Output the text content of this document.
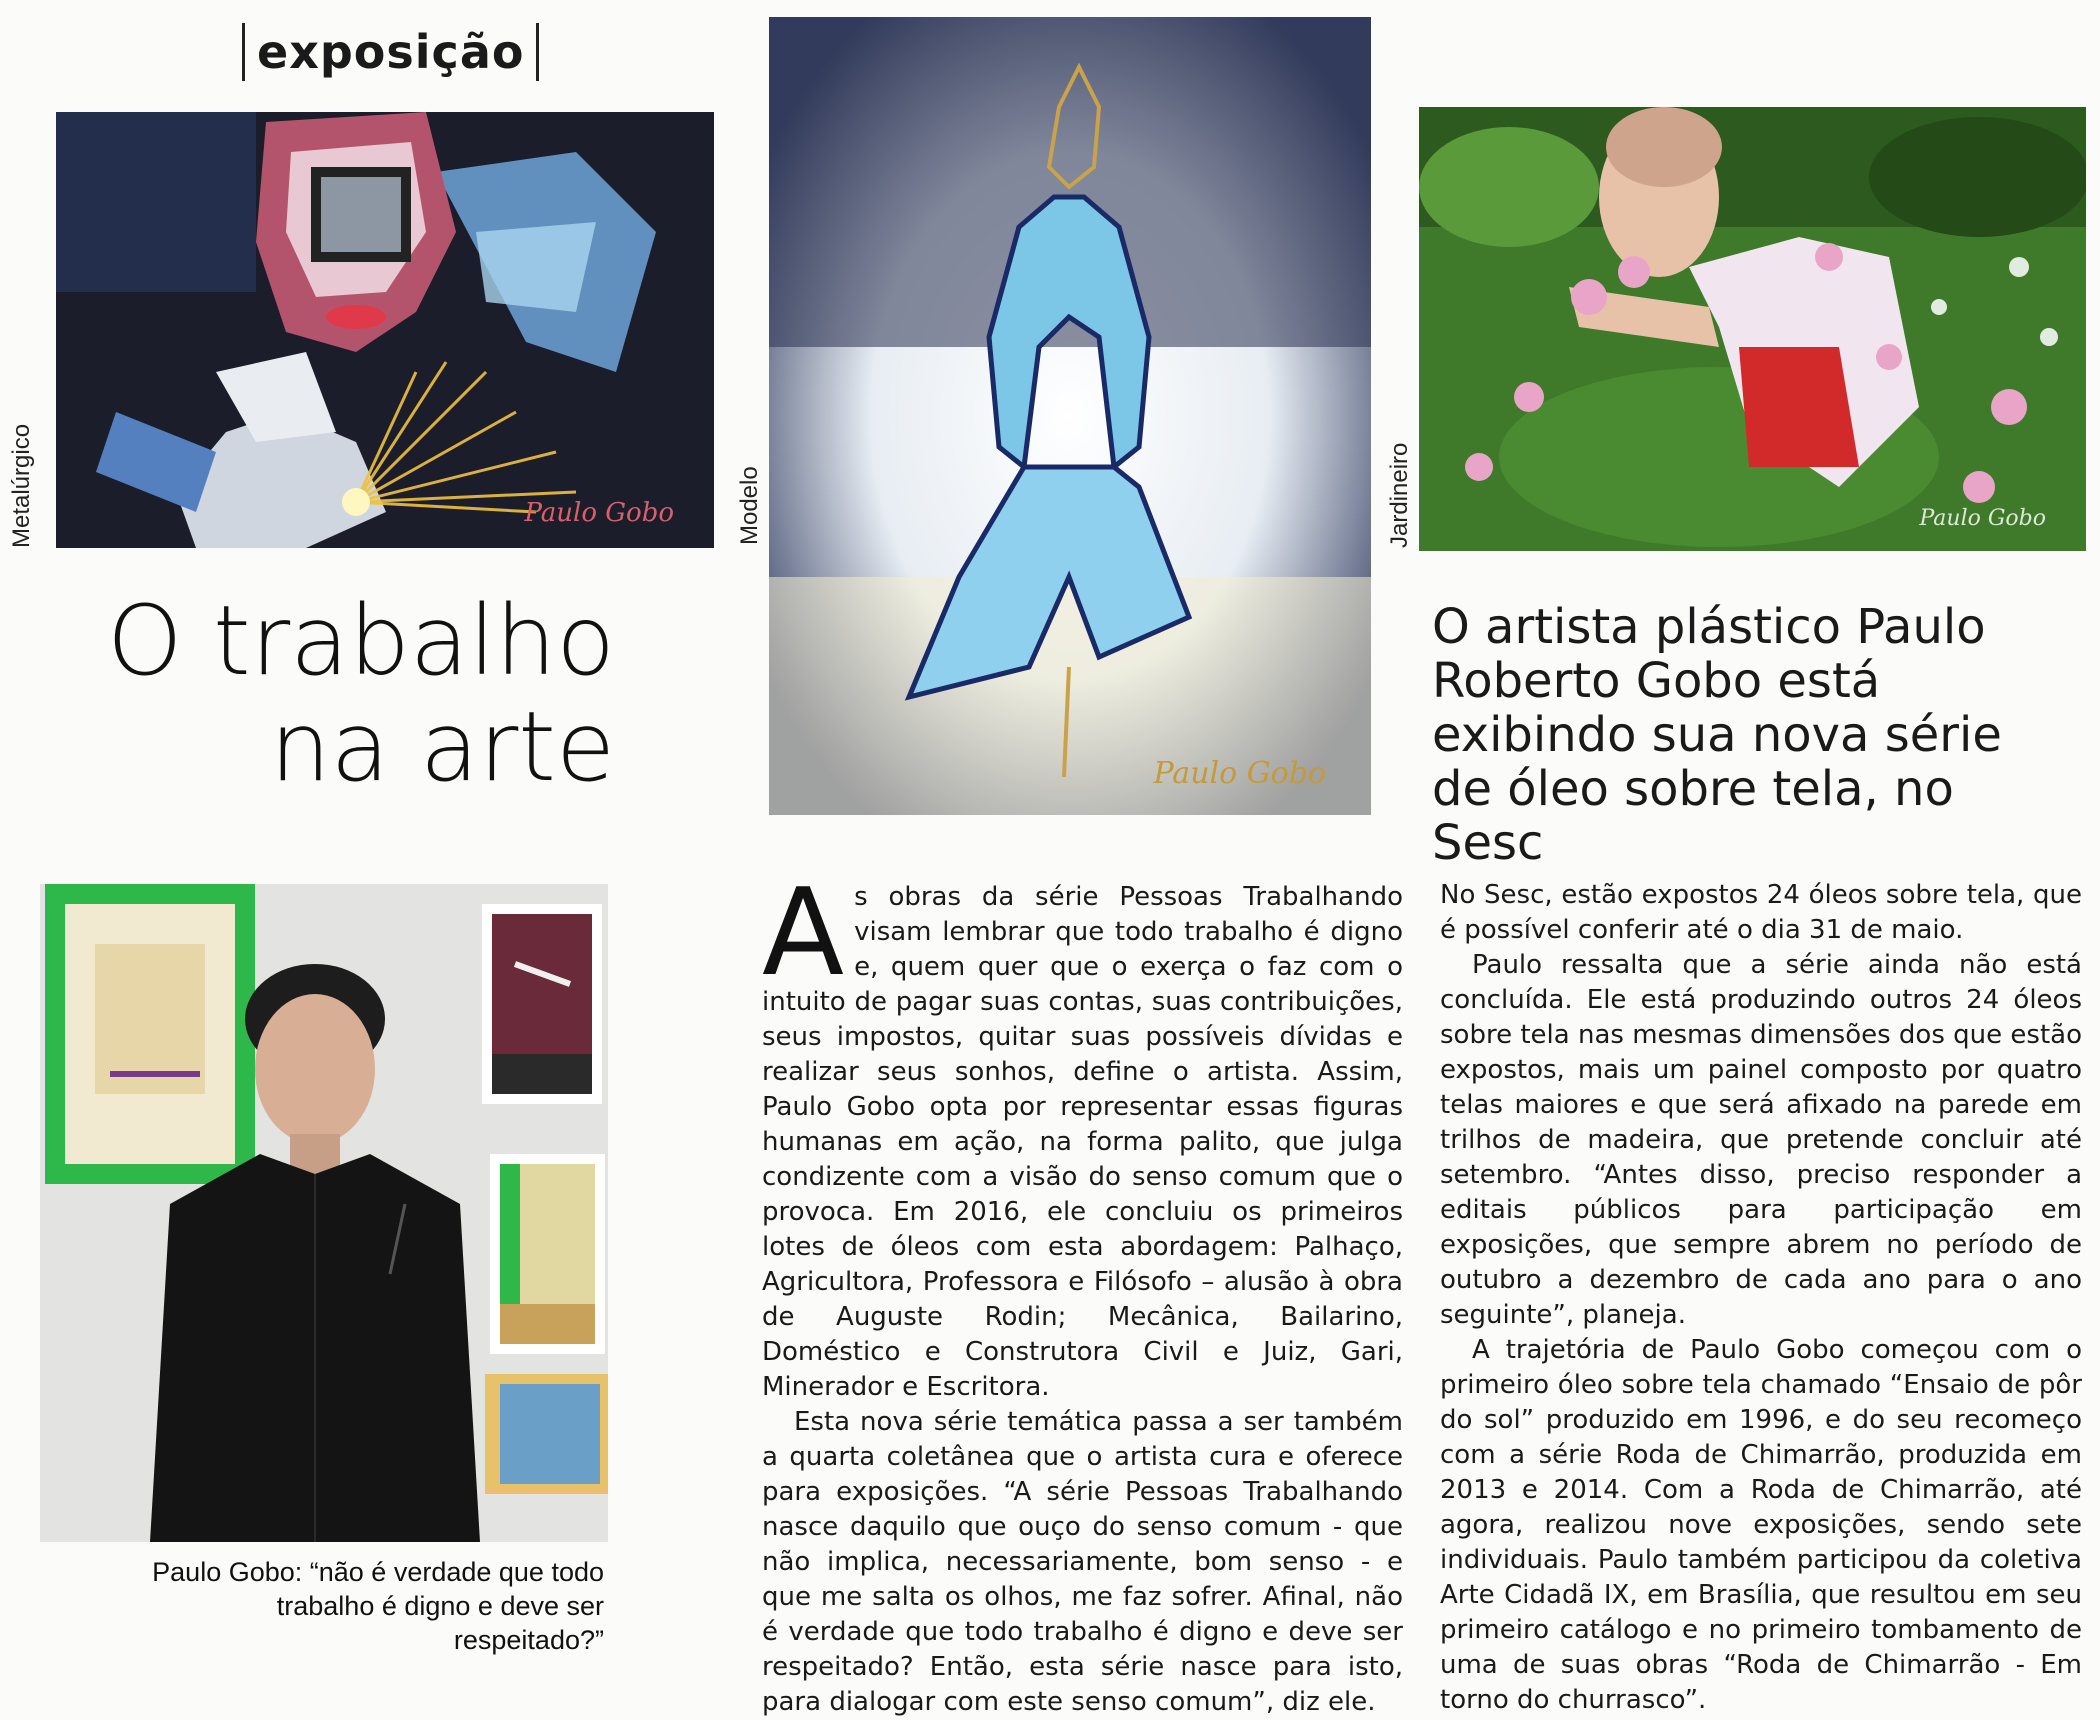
exposição
Paulo Gobo
Metalúrgico
Paulo Gobo
Modelo	Paulo Gobo
Jardineiro
O trabalho
na arte
O artista plástico Paulo Roberto Gobo está exibindo sua nova série de óleo sobre tela, no Sesc
Paulo Gobo: “não é verdade que todo trabalho é digno e deve ser respeitado?”

As obras da série Pessoas Trabalhando visam lembrar que todo trabalho é digno e, quem quer que o exerça o faz com o intuito de pagar suas contas, suas contribuições, seus impostos, quitar suas possíveis dívidas e realizar seus sonhos, define o artista. Assim, Paulo Gobo opta por representar essas figuras humanas em ação, na forma palito, que julga condizente com a visão do senso comum que o provoca. Em 2016, ele concluiu os primeiros lotes de óleos com esta abordagem: Palhaço, Agricultora, Professora e Filósofo – alusão à obra de Auguste Rodin; Mecânica, Bailarino, Doméstico e Construtora Civil e Juiz, Gari, Minerador e Escritora.

Esta nova série temática passa a ser também a quarta coletânea que o artista cura e oferece para exposições. “A série Pessoas Trabalhando nasce daquilo que ouço do senso comum - que não implica, necessariamente, bom senso - e que me salta os olhos, me faz sofrer. Afinal, não é verdade que todo trabalho é digno e deve ser respeitado? Então, esta série nasce para isto, para dialogar com este senso comum”, diz ele.

No Sesc, estão expostos 24 óleos sobre tela, que é possível conferir até o dia 31 de maio.

Paulo ressalta que a série ainda não está concluída. Ele está produzindo outros 24 óleos sobre tela nas mesmas dimensões dos que estão expostos, mais um painel composto por quatro telas maiores e que será afixado na parede em trilhos de madeira, que pretende concluir até setembro. “Antes disso, preciso responder a editais públicos para participação em exposições, que sempre abrem no período de outubro a dezembro de cada ano para o ano seguinte”, planeja.

A trajetória de Paulo Gobo começou com o primeiro óleo sobre tela chamado “Ensaio de pôr do sol” produzido em 1996, e do seu recomeço com a série Roda de Chimarrão, produzida em 2013 e 2014. Com a Roda de Chimarrão, até agora, realizou nove exposições, sendo sete individuais. Paulo também participou da coletiva Arte Cidadã IX, em Brasília, que resultou em seu primeiro catálogo e no primeiro tombamento de uma de suas obras “Roda de Chimarrão - Em torno do churrasco”.
